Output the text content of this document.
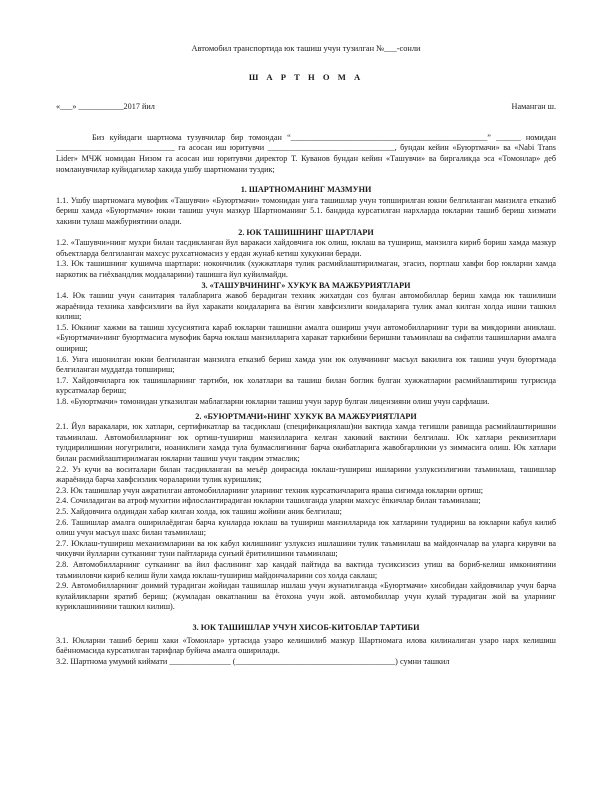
Автомобил транспортида юк ташиш учун тузилган №___-сонли
Ш А Р Т Н О М А
«___» ___________2017 йил	Наманган ш.

Биз куйидаги шартнома тузувчилар бир томондан “________________________________________________” ______ номидан _____________________________ га асосан иш юритувчи _______________________________, бундан кейин «Буюртмачи» ва «Nabi Trans Lider» МЧЖ номидан Низом га асосан иш юритувчи директор Т. Куванов бундан кейин «Ташувчи» ва биргаликда эса «Томонлар» деб номланувчилар куйидагилар хакида ушбу шартномани туздик;

1. ШАРТНОМАНИНГ МАЗМУНИ

1.1. Ушбу шартномага мувофик «Ташувчи» «Буюртмачи» томонидан унга ташишлар учун топширилган юкни белгиланган манзилга етказиб бериш хамда «Буюртмачи» юкни ташиш учун мазкур Шартноманинг 5.1. бандида курсатилган нархларда юкларни ташиб бериш хизмати хакини тулаш мажбуриятини олади.

2. ЮК ТАШИШНИНГ ШАРТЛАРИ

1.2. «Ташувчи»нинг мухри билан тасдикланган йул варакаси хайдовчига юк олиш, юклаш ва тушириш, манзилга кириб бориш хамда мазкур объектларда белгиланган махсус рухсатномасиз у ердан жунаб кетиш хукукини беради.

1.3. Юк ташишнинг кушимча шартлари: нокончилик (хужжатларя тулик расмийлаштирилмаган, эгасиз, портлаш хавфи бор юкларни хамда наркотик ва гиёхвандлик моддаларини) ташишга йул куйилмайди.

3. «ТАШУВЧИНИНГ» ХУКУК ВА МАЖБУРИЯТЛАРИ

1.4. Юк ташиш учун санитария талабларига жавоб берадиган техник жихатдан соз булган автомобиллар бериш хамда юк ташилиши жараёнида техника хавфсизлиги ва йул харакати коидаларига ва ёнгин хавфсизлиги коидаларига тулик амал килган холда ишни ташкил килиш;

1.5. Юкнинг хажми ва ташиш хусусиятига караб юкларни ташишни амалга ошириш учун автомобилларнинг тури ва микдорини аниклаш. «Буюртмачи»нинг буюртмасига мувофик барча юклаш манзилларига харакат таркибини беришни таъминлаш ва сифатли ташишларни амалга ошириш;

1.6. Унга ишонилган юкни белгиланган манзилга етказиб бериш хамда уни юк олувчининг масъул вакилига юк ташиш учун буюртмада белгиланган муддатда топшириш;

1.7. Хайдовчиларга юк ташишларнинг тартиби, юк холатлари ва ташиш билан боглик булган хужжатларни расмийлаштириш тугрисида курсатмалар бериш;

1.8. «Буюртмачи» томонидан утказилган маблагларни юкларни ташиш учун зарур булган лицензияни олиш учун сарфлаши.

2. «БУЮРТМАЧИ»НИНГ ХУКУК ВА МАЖБУРИЯТЛАРИ

2.1. Йул варакалари, юк хатлари, сертификатлар ва тасдиклаш (спецификациялаш)ни вактида хамда тегишли равишда расмийлаштиришни таъминлаш. Автомобилларнинг юк ортиш-тушириш манзилларига келган хакикий вактини белгилаш. Юк хатлари реквизитлари тулдирилишини ногугрилиги, ноаниклиги хамда тула булмаслигининг барча окибатларига жавобгарликни уз зиммасига олиш. Юк хатлари билан расмийлаштирилмаган юкларни ташиш учун такдим этмаслик;

2.2. Уз кучи ва воситалари билан тасдикланган ва меъёр доирасида юклаш-тушириш ишларини узлуксизлигини таъминлаш, ташишлар жараёнида барча хавфсизлик чораларини тулик куришлик;

2.3. Юк ташишлар учун ажратилган автомобилларнинг уларнинг техник курсаткичларига ярашa сигимда юкларни ортиш;

2.4. Сочиладиган ва атроф мухитни ифлослантирадиган юкларни ташилганда уларни махсус ёпкичлар билан таъминлаш;

2.5. Хайдовчига олдиндан хабар килган холда, юк ташиш жойини аник белгилаш;

2.6. Ташишлар амалга оширилаёдиган барча кунларда юклаш ва тушириш манзилларида юк хатларини тулдириш ва юкларни кабул килиб олиш учун масъул шахс билан таъминлаш;

2.7. Юклаш-тушириш механизмларини ва юк кабул килишнинг узлуксиз ишлашини тулик таъминлаш ва майдончалар ва уларга кирувчи ва чикувчи йулларни сутканинг туни пайтларида сунъий ёритилишини таъминлаш;

2.8. Автомобилларнинг сутканинг ва йил фаслининг хар кандай пайтида ва вактида тусиксизсиз утиш ва бориб-келиш имкониятини таъминловчи кириб келиш йули хамда юклаш-тушириш майдончаларини соз холда саклаш;

2.9. Автомобилларнинг доимий турадиган жойидан ташишлар ишлаш учун жунатилганда «Буюртмачи» хисобидан хайдовчилар учун барча кулайликларни яратиб бериш; (жумладан овкатланиш ва ётохона учун жой. автомобиллар учун кулай турадиган жой ва уларнинг куриклашнинини ташкил килиш).

3. ЮК ТАШИШЛАР УЧУН ХИСОБ-КИТОБЛАР ТАРТИБИ

3.1. Юкларни ташиб бериш хаки «Томонлар» уртасида узаро келишилиб мазкур Шартномага илова килиналиган узаро нарх келишиш баённомасида курсатилган тарифлар буйича амалга оширилади.

3.2. Шартнома умумий киймати _______________ (_______________________________________) сумни ташкил
